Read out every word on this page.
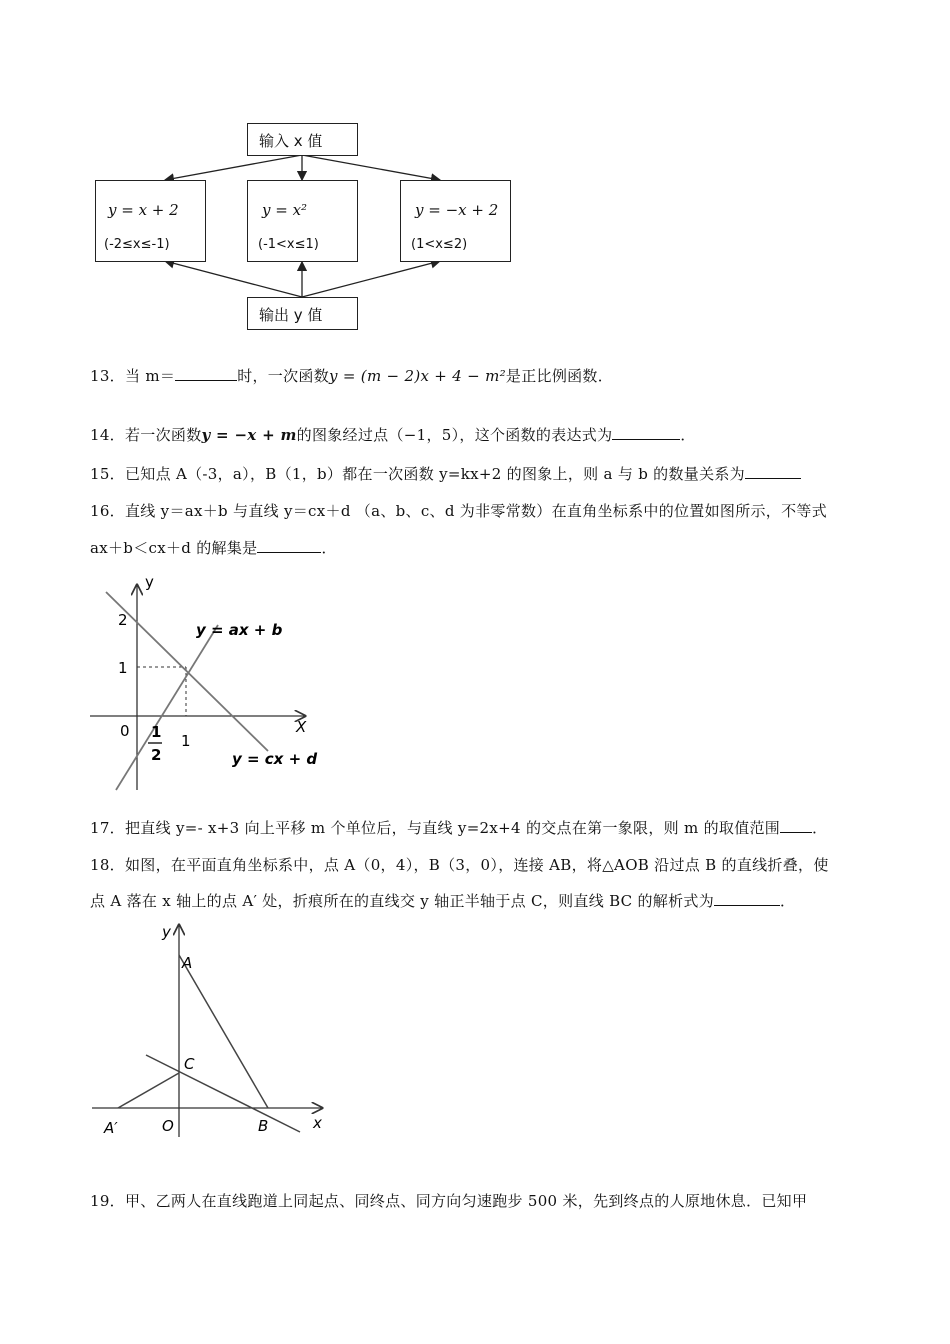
输入 x 值
y = x + 2
(-2≤x≤-1)
y = x²
(-1<x≤1)
y = −x + 2
(1<x≤2)
输出 y 值
13．当 m＝	时，一次函数y = (m − 2)x + 4 − m²是正比例函数．
14．若一次函数y = −x + m的图象经过点（−1，5），这个函数的表达式为	．
15．已知点 A（-3，a），B（1，b）都在一次函数 y=kx+2 的图象上，则 a 与 b 的数量关系为
16．直线 y＝ax＋b 与直线 y＝cx＋d （a、b、c、d 为非零常数）在直角坐标系中的位置如图所示，不等式
ax＋b＜cx＋d 的解集是	．
y
X
2
1
0
1
1
2
y = ax + b
y = cx + d
17．把直线 y=- x+3 向上平移 m 个单位后，与直线 y=2x+4 的交点在第一象限，则 m 的取值范围 ．
18．如图，在平面直角坐标系中，点 A（0，4），B（3，0），连接 AB，将△AOB 沿过点 B 的直线折叠，使
点 A 落在 x 轴上的点 A′ 处，折痕所在的直线交 y 轴正半轴于点 C，则直线 BC 的解析式为	．
y
x
A
C
O	B
A′
19．甲、乙两人在直线跑道上同起点、同终点、同方向匀速跑步 500 米，先到终点的人原地休息．已知甲
